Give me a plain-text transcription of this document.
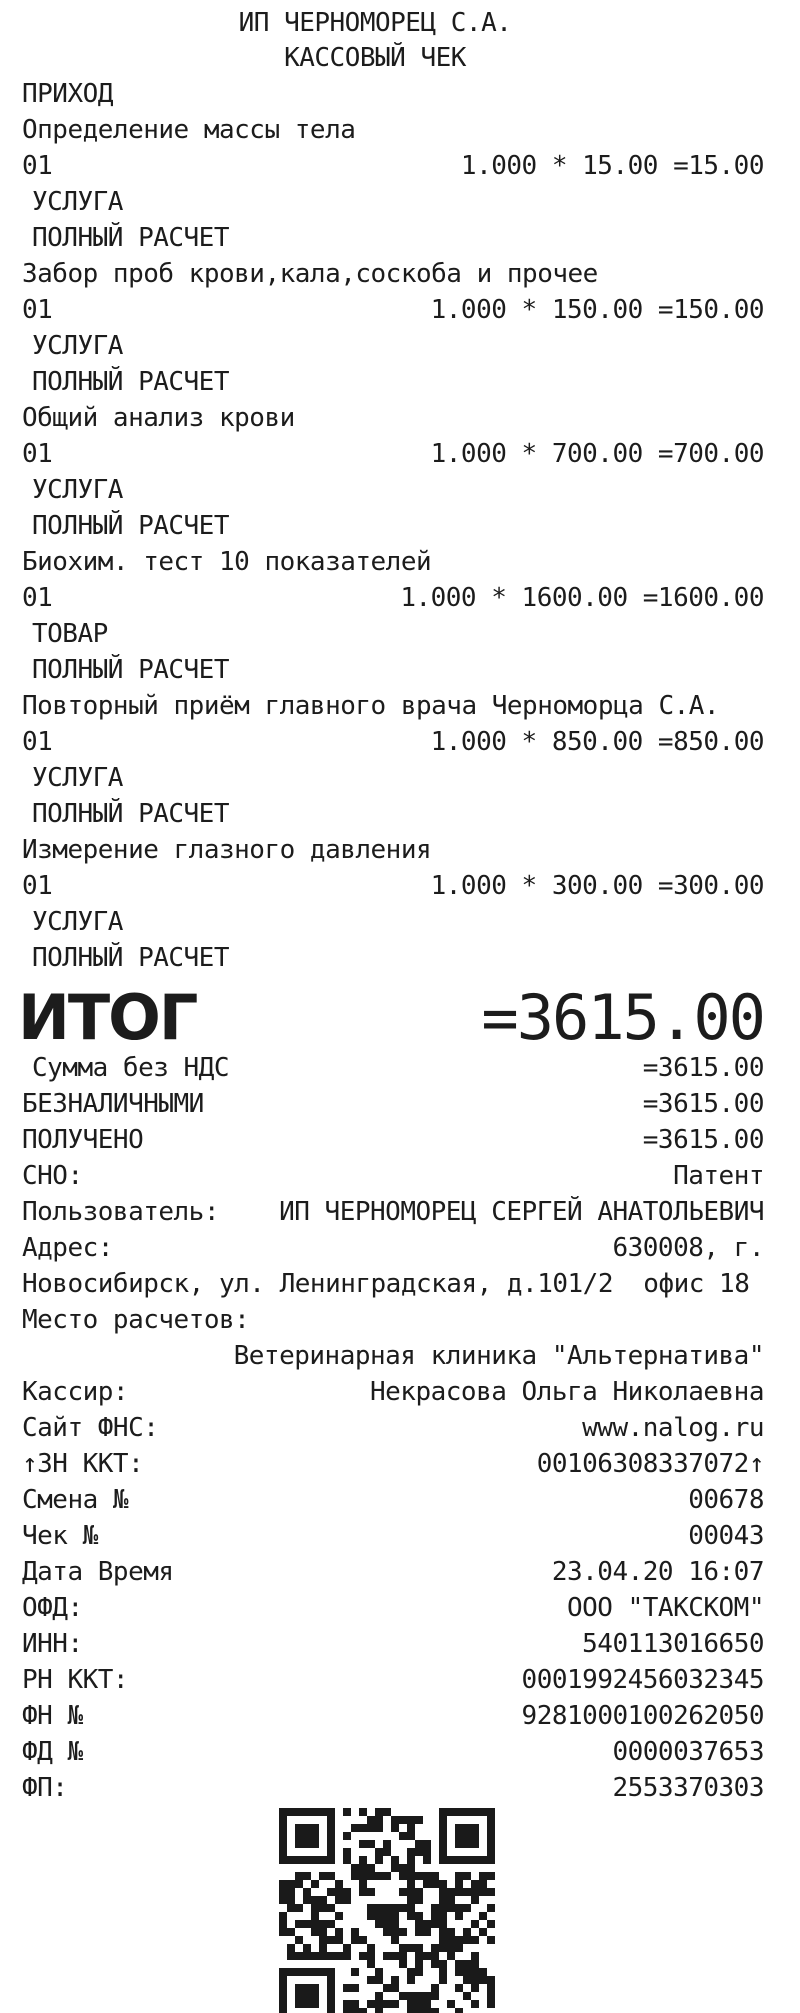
ИП ЧЕРНОМОРЕЦ С.А.
КАССОВЫЙ ЧЕК
ПРИХОД
Определение массы тела
01	1.000 * 15.00 =15.00
УСЛУГА
ПОЛНЫЙ РАСЧЕТ
Забор проб крови,кала,соскоба и прочее
01	1.000 * 150.00 =150.00
УСЛУГА
ПОЛНЫЙ РАСЧЕТ
Общий анализ крови
01	1.000 * 700.00 =700.00
УСЛУГА
ПОЛНЫЙ РАСЧЕТ
Биохим. тест 10 показателей
01	1.000 * 1600.00 =1600.00
ТОВАР
ПОЛНЫЙ РАСЧЕТ
Повторный приём главного врача Черноморца С.А.
01	1.000 * 850.00 =850.00
УСЛУГА
ПОЛНЫЙ РАСЧЕТ
Измерение глазного давления
01	1.000 * 300.00 =300.00
УСЛУГА
ПОЛНЫЙ РАСЧЕТ
ИТОГ	=3615.00
Сумма без НДС	=3615.00
БЕЗНАЛИЧНЫМИ	=3615.00
ПОЛУЧЕНО	=3615.00
СНО:	Патент
Пользователь: ИП ЧЕРНОМОРЕЦ СЕРГЕЙ АНАТОЛЬЕВИЧ
Адрес:	630008, г.
Новосибирск, ул. Ленинградская, д.101/2  офис 18
Место расчетов:
Ветеринарная клиника "Альтернатива"
Кассир:	Некрасова Ольга Николаевна
Сайт ФНС:	www.nalog.ru
↑ЗН ККТ:	00106308337072↑
Смена №	00678
Чек №	00043
Дата Время	23.04.20 16:07
ОФД:	ООО "ТАКСКОМ"
ИНН:	540113016650
РН ККТ:	0001992456032345
ФН №	9281000100262050
ФД №	0000037653
ФП:	2553370303
